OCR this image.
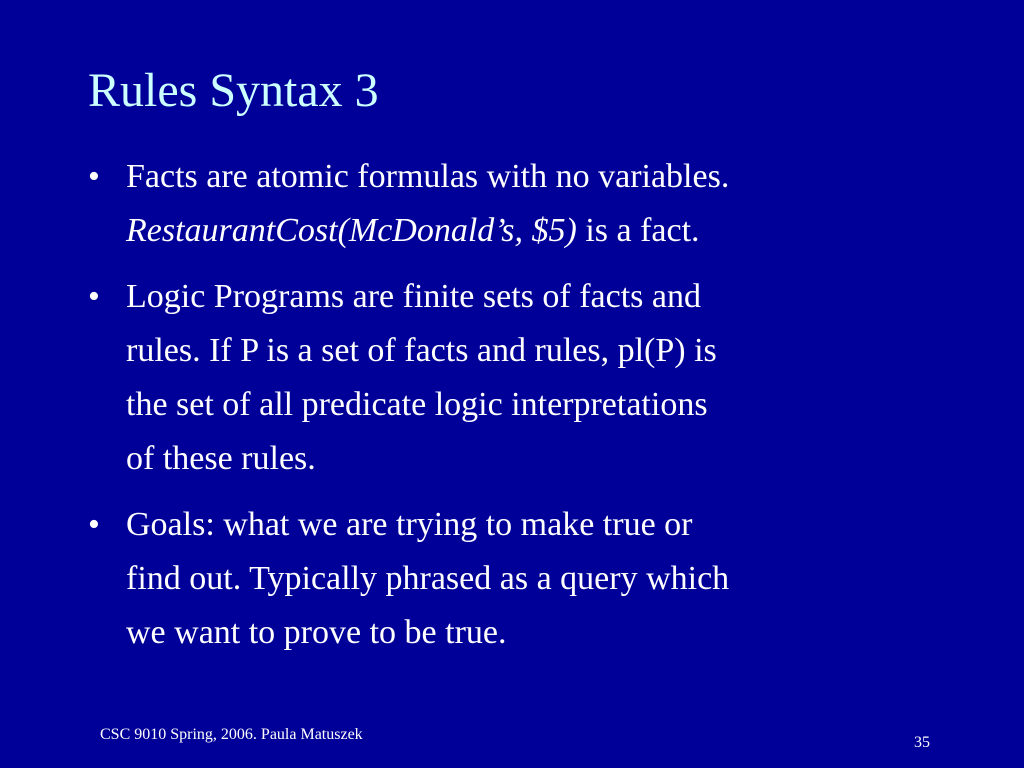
Rules Syntax 3
• Facts are atomic formulas with no variables.
RestaurantCost(McDonald’s, $5) is a fact.
• Logic Programs are finite sets of facts and
rules. If P is a set of facts and rules, pl(P) is
the set of all predicate logic interpretations
of these rules.
• Goals: what we are trying to make true or
find out. Typically phrased as a query which
we want to prove to be true.
CSC 9010 Spring, 2006. Paula Matuszek	35
